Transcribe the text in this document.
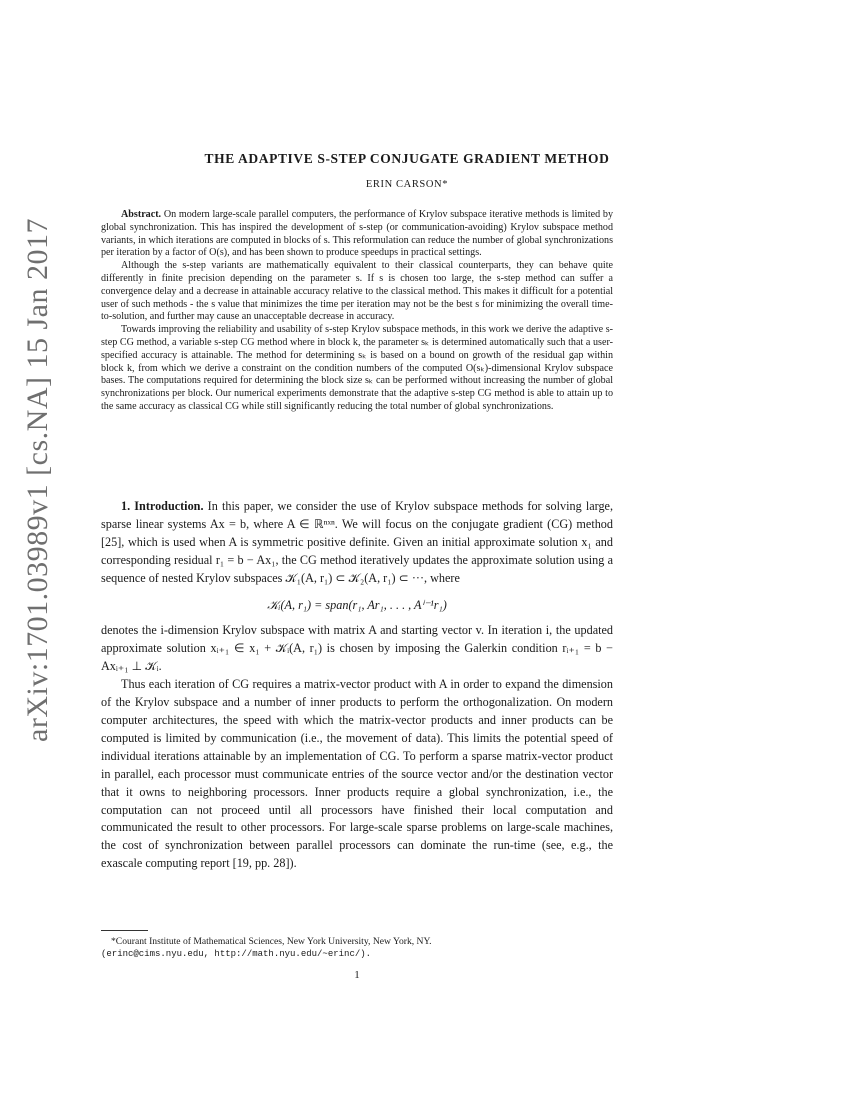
arXiv:1701.03989v1 [cs.NA] 15 Jan 2017
THE ADAPTIVE S-STEP CONJUGATE GRADIENT METHOD
ERIN CARSON*

Abstract. On modern large-scale parallel computers, the performance of Krylov subspace iterative methods is limited by global synchronization. This has inspired the development of s-step (or communication-avoiding) Krylov subspace method variants, in which iterations are computed in blocks of s. This reformulation can reduce the number of global synchronizations per iteration by a factor of O(s), and has been shown to produce speedups in practical settings.

Although the s-step variants are mathematically equivalent to their classical counterparts, they can behave quite differently in finite precision depending on the parameter s. If s is chosen too large, the s-step method can suffer a convergence delay and a decrease in attainable accuracy relative to the classical method. This makes it difficult for a potential user of such methods - the s value that minimizes the time per iteration may not be the best s for minimizing the overall time-to-solution, and further may cause an unacceptable decrease in accuracy.

Towards improving the reliability and usability of s-step Krylov subspace methods, in this work we derive the adaptive s-step CG method, a variable s-step CG method where in block k, the parameter sₖ is determined automatically such that a user-specified accuracy is attainable. The method for determining sₖ is based on a bound on growth of the residual gap within block k, from which we derive a constraint on the condition numbers of the computed O(sₖ)-dimensional Krylov subspace bases. The computations required for determining the block size sₖ can be performed without increasing the number of global synchronizations per block. Our numerical experiments demonstrate that the adaptive s-step CG method is able to attain up to the same accuracy as classical CG while still significantly reducing the total number of global synchronizations.

1. Introduction. In this paper, we consider the use of Krylov subspace methods for solving large, sparse linear systems Ax = b, where A ∈ ℝⁿˣⁿ. We will focus on the conjugate gradient (CG) method [25], which is used when A is symmetric positive definite. Given an initial approximate solution x₁ and corresponding residual r₁ = b − Ax₁, the CG method iteratively updates the approximate solution using a sequence of nested Krylov subspaces 𝒦₁(A, r₁) ⊂ 𝒦₂(A, r₁) ⊂ ···, where

𝒦ᵢ(A, r₁) = span(r₁, Ar₁, . . . , Aⁱ⁻¹r₁)

denotes the i-dimension Krylov subspace with matrix A and starting vector v. In iteration i, the updated approximate solution xᵢ₊₁ ∈ x₁ + 𝒦ᵢ(A, r₁) is chosen by imposing the Galerkin condition rᵢ₊₁ = b − Axᵢ₊₁ ⊥ 𝒦ᵢ.

Thus each iteration of CG requires a matrix-vector product with A in order to expand the dimension of the Krylov subspace and a number of inner products to perform the orthogonalization. On modern computer architectures, the speed with which the matrix-vector products and inner products can be computed is limited by communication (i.e., the movement of data). This limits the potential speed of individual iterations attainable by an implementation of CG. To perform a sparse matrix-vector product in parallel, each processor must communicate entries of the source vector and/or the destination vector that it owns to neighboring processors. Inner products require a global synchronization, i.e., the computation can not proceed until all processors have finished their local computation and communicated the result to other processors. For large-scale sparse problems on large-scale machines, the cost of synchronization between parallel processors can dominate the run-time (see, e.g., the exascale computing report [19, pp. 28]).

*Courant Institute of Mathematical Sciences, New York University, New York, NY.

(erinc@cims.nyu.edu, http://math.nyu.edu/~erinc/).
1
